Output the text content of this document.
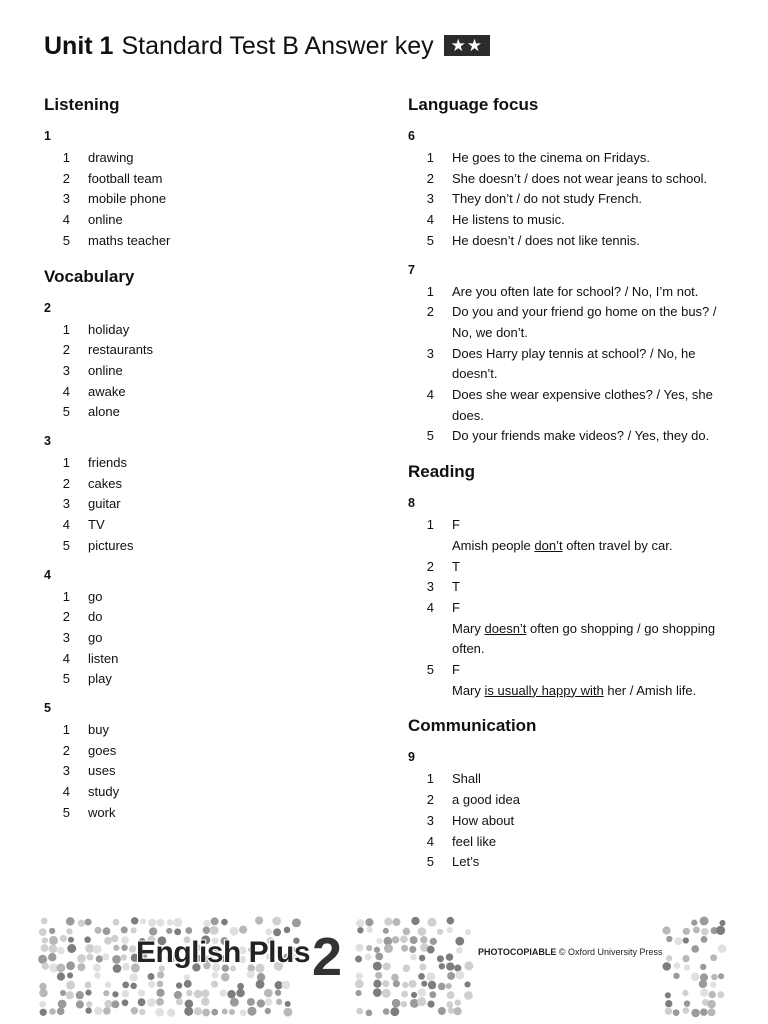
Unit 1 Standard Test B Answer key ★★
Listening
1
1 drawing
2 football team
3 mobile phone
4 online
5 maths teacher
Vocabulary
2
1 holiday
2 restaurants
3 online
4 awake
5 alone
3
1 friends
2 cakes
3 guitar
4 TV
5 pictures
4
1 go
2 do
3 go
4 listen
5 play
5
1 buy
2 goes
3 uses
4 study
5 work
Language focus
6
1 He goes to the cinema on Fridays.
2 She doesn’t / does not wear jeans to school.
3 They don’t / do not study French.
4 He listens to music.
5 He doesn’t / does not like tennis.
7
1 Are you often late for school? / No, I’m not.
2 Do you and your friend go home on the bus? /
No, we don’t.
3 Does Harry play tennis at school? / No, he
doesn’t.
4 Does she wear expensive clothes? / Yes, she
does.
5 Do your friends make videos? / Yes, they do.
Reading
8
1 F
Amish people don’t often travel by car.
2 T
3 T
4 F
Mary doesn’t often go shopping / go shopping
often.
5 F
Mary is usually happy with her / Amish life.
Communication
9
1 Shall
2 a good idea
3 How about
4 feel like
5 Let’s
English Plus 2	PHOTOCOPIABLE © Oxford University Press
